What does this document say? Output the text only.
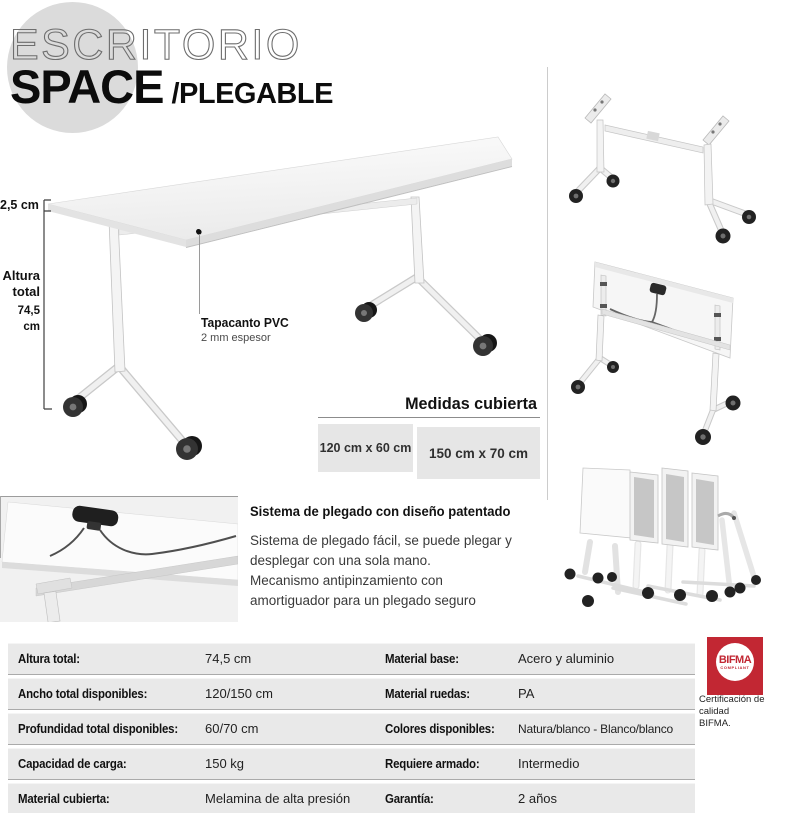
ESCRITORIO
SPACE /PLEGABLE
2,5 cm
Altura
total
74,5 cm	Tapacanto PVC
2 mm espesor
Medidas cubierta
120 cm x 60 cm 150 cm x 70 cm
Sistema de plegado con diseño patentado
Sistema de plegado fácil, se puede plegar y
desplegar con una sola mano.
Mecanismo antipinzamiento con
amortiguador para un plegado seguro
Altura total:	74,5 cm	Material base:	Acero y aluminio
Ancho total disponibles:	120/150 cm	Material ruedas:	PA
Profundidad total disponibles: 60/70 cm	Colores disponibles: Natura/blanco - Blanco/blanco
Capacidad de carga:	150 kg	Requiere armado:	Intermedio
Material cubierta:	Melamina de alta presión	Garantía:	2 años
BIFMA
COMPLIANT
Certificación de calidad
BIFMA.
